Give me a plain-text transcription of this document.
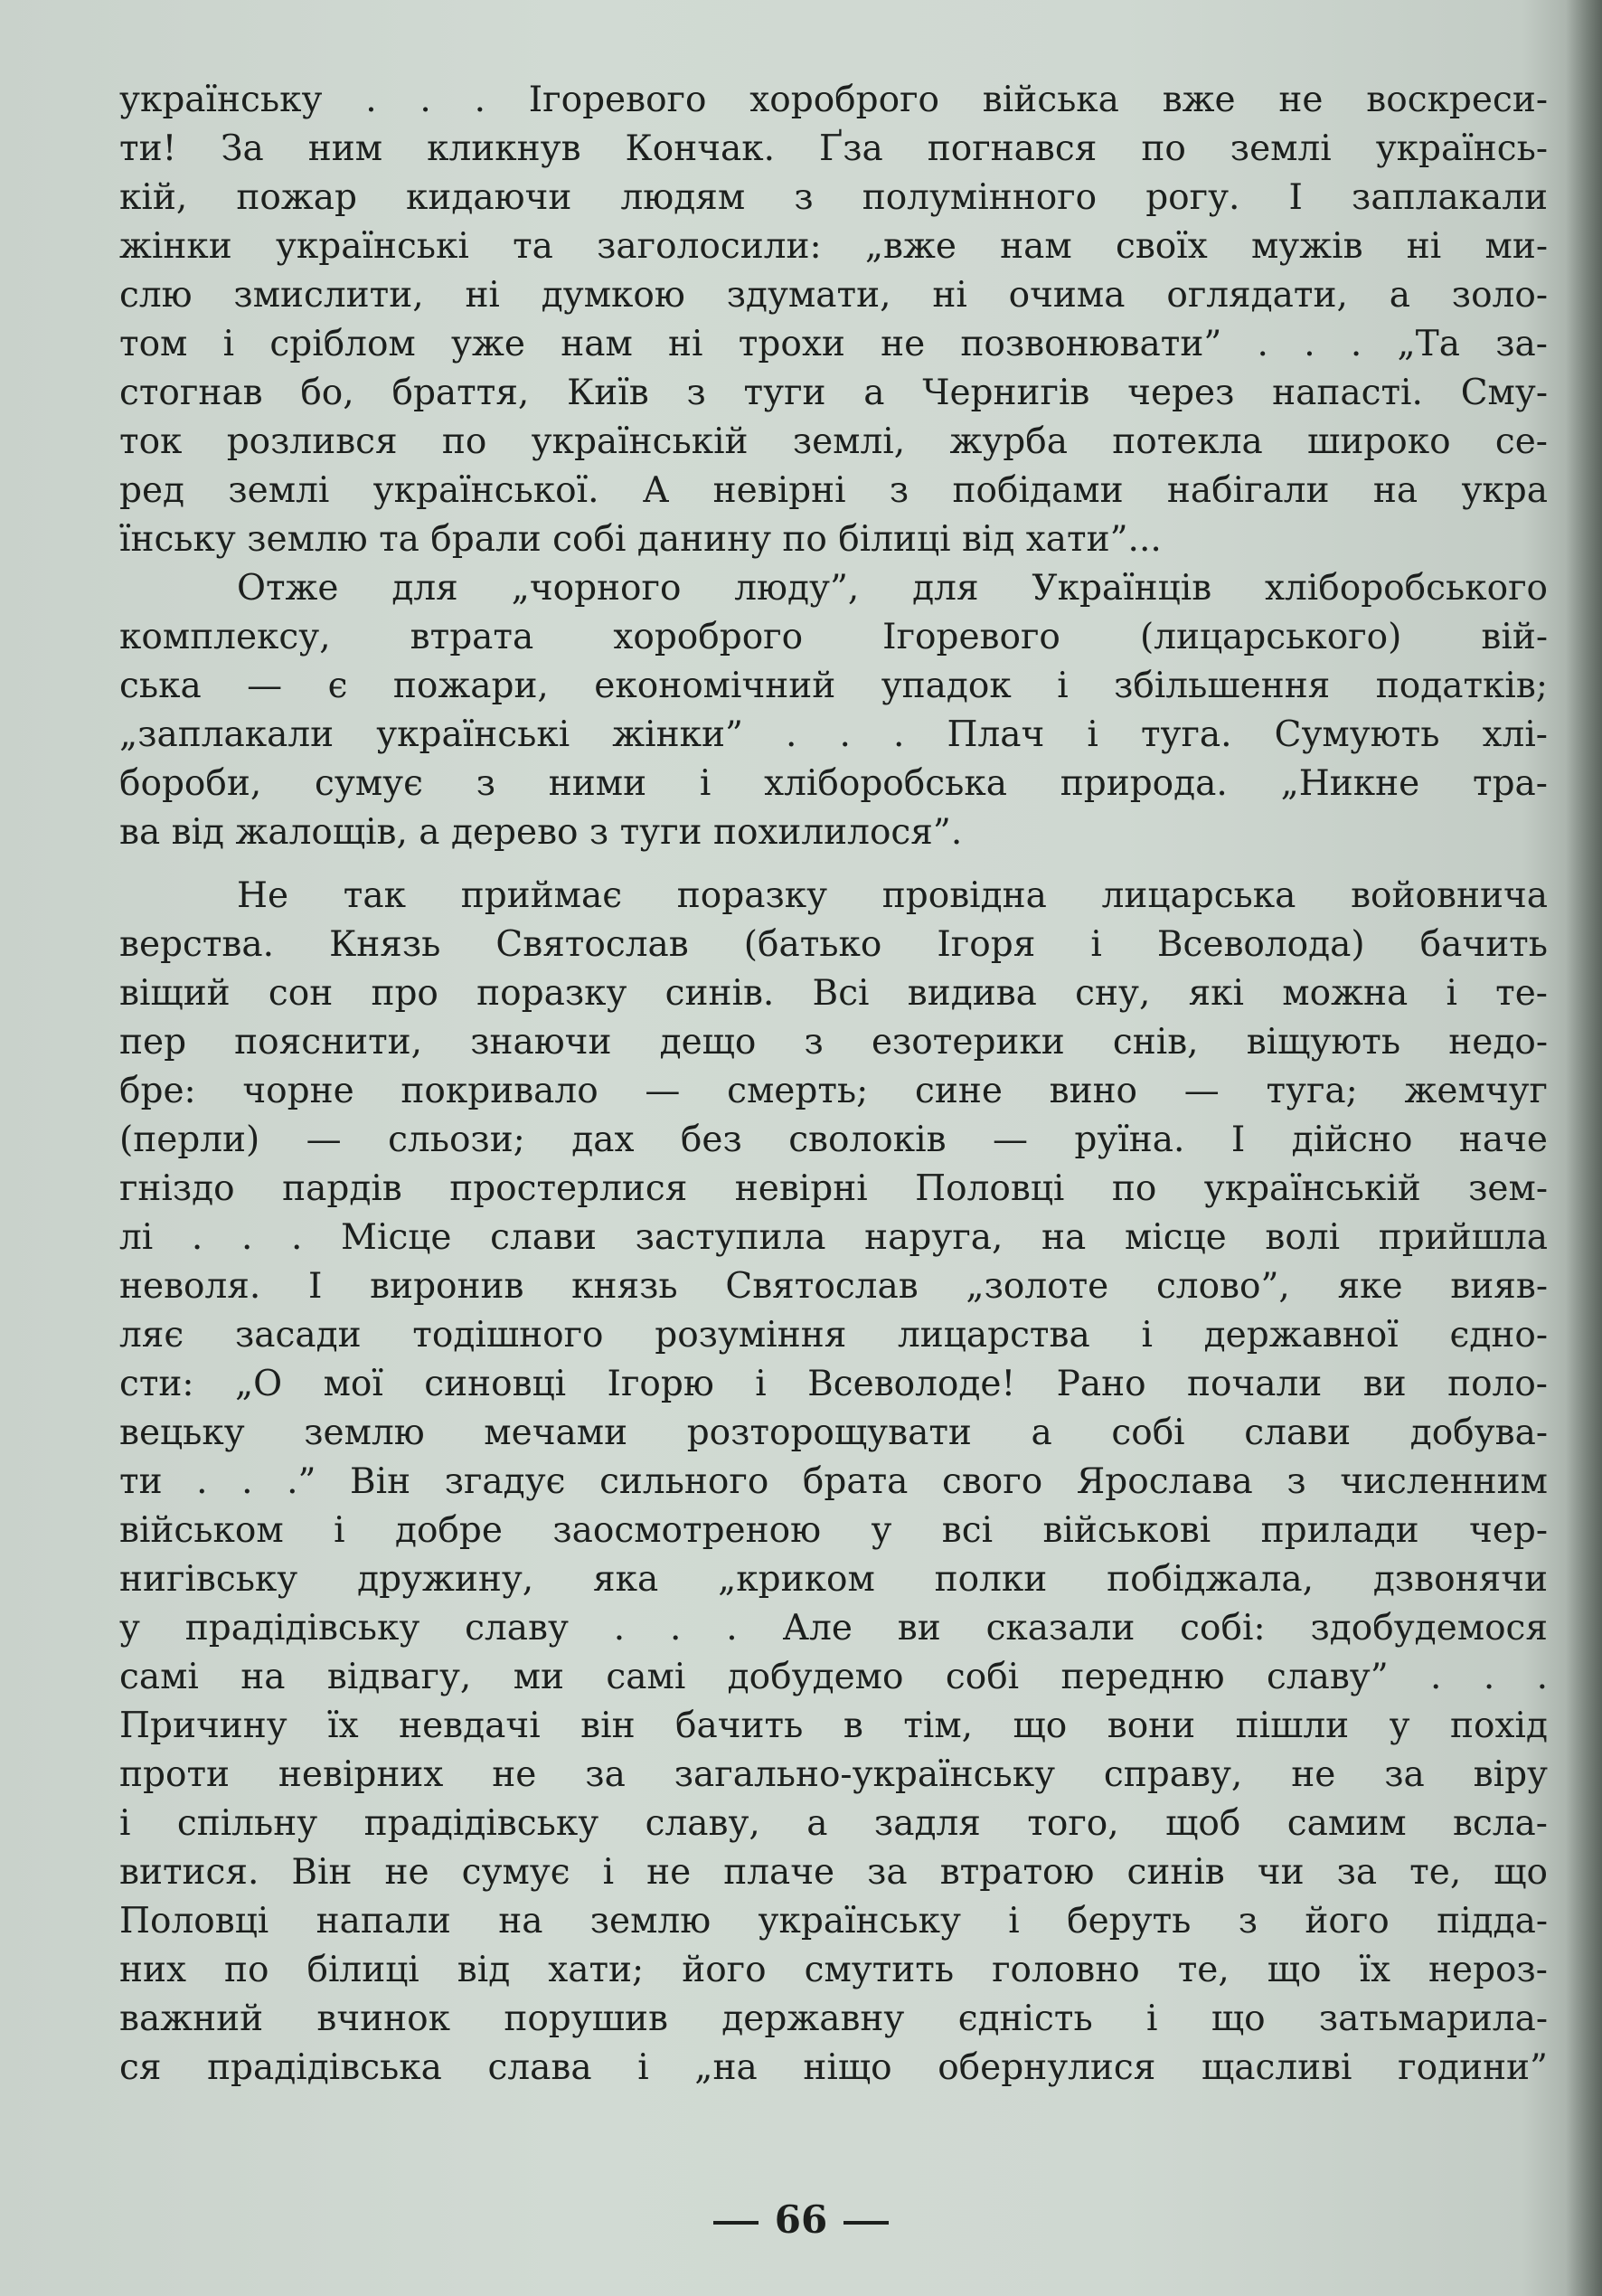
українську . . . Ігоревого хороброго війська вже не воскреси-
ти! За ним кликнув Кончак. Ґза погнався по землі українсь-
кій, пожар кидаючи людям з полумінного рогу. І заплакали
жінки українські та заголосили: „вже нам своїх мужів ні ми-
слю змислити, ні думкою здумати, ні очима оглядати, а золо-
том і сріблом уже нам ні трохи не позвонювати” . . . „Та за-
стогнав бо, браття, Київ з туги а Чернигів через напасті. Сму-
ток розлився по українській землі, журба потекла широко се-
ред землі української. А невірні з побідами набігали на укра
їнську землю та брали собі данину по білиці від хати”...

Отже для „чорного люду”, для Українців хліборобського
комплексу, втрата хороброго Ігоревого (лицарського) вій-
ська — є пожари, економічний упадок і збільшення податків;
„заплакали українські жінки” . . . Плач і туга. Сумують хлі-
бороби, сумує з ними і хліборобська природа. „Никне тра-
ва від жалощів, а дерево з туги похилилося”.

Не так приймає поразку провідна лицарська войовнича
верства. Князь Святослав (батько Ігоря і Всеволода) бачить
віщий сон про поразку синів. Всі видива сну, які можна і те-
пер пояснити, знаючи дещо з езотерики снів, віщують недо-
бре: чорне покривало — смерть; сине вино — туга; жемчуг
(перли) — сльози; дах без сволоків — руїна. І дійсно наче
гніздо пардів простерлися невірні Половці по українській зем-
лі . . . Місце слави заступила наруга, на місце волі прийшла
неволя. І виронив князь Святослав „золоте слово”, яке вияв-
ляє засади тодішного розуміння лицарства і державної єдно-
сти: „О мої синовці Ігорю і Всеволоде! Рано почали ви поло-
вецьку землю мечами розторощувати а собі слави добува-
ти . . .” Він згадує сильного брата свого Ярослава з численним
військом і добре заосмотреною у всі військові прилади чер-
нигівську дружину, яка „криком полки побіджала, дзвонячи
у прадідівську славу . . . Але ви сказали собі: здобудемося
самі на відвагу, ми самі добудемо собі передню славу” . . .
Причину їх невдачі він бачить в тім, що вони пішли у похід
проти невірних не за загально-українську справу, не за віру
і спільну прадідівську славу, а задля того, щоб самим всла-
витися. Він не сумує і не плаче за втратою синів чи за те, що
Половці напали на землю українську і беруть з його підда-
них по білиці від хати; його смутить головно те, що їх нероз-
важний вчинок порушив державну єдність і що затьмарила-
ся прадідівська слава і „на ніщо обернулися щасливі години”

66
